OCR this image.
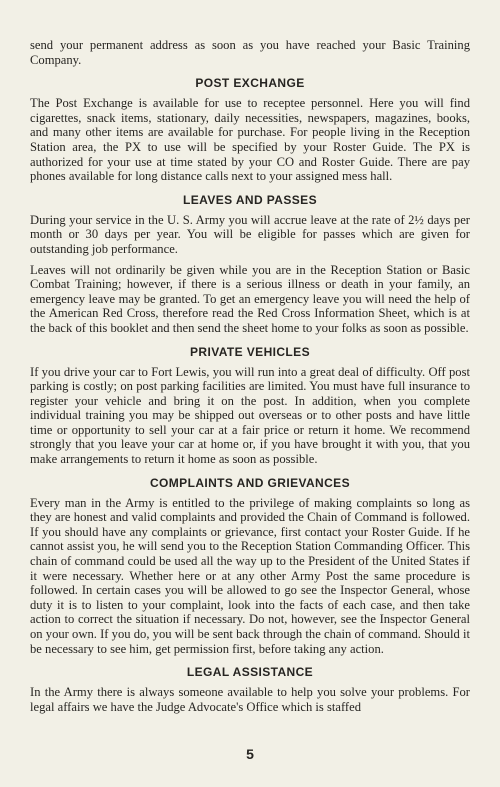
send your permanent address as soon as you have reached your Basic Training Company.

POST EXCHANGE

The Post Exchange is available for use to receptee personnel. Here you will find cigarettes, snack items, stationary, daily necessities, newspapers, magazines, books, and many other items are available for purchase. For people living in the Reception Station area, the PX to use will be specified by your Roster Guide. The PX is authorized for your use at time stated by your CO and Roster Guide. There are pay phones available for long distance calls next to your assigned mess hall.

LEAVES AND PASSES

During your service in the U. S. Army you will accrue leave at the rate of 2½ days per month or 30 days per year. You will be eligible for passes which are given for outstanding job performance.

Leaves will not ordinarily be given while you are in the Reception Station or Basic Combat Training; however, if there is a serious illness or death in your family, an emergency leave may be granted. To get an emergency leave you will need the help of the American Red Cross, therefore read the Red Cross Information Sheet, which is at the back of this booklet and then send the sheet home to your folks as soon as possible.

PRIVATE VEHICLES

If you drive your car to Fort Lewis, you will run into a great deal of difficulty. Off post parking is costly; on post parking facilities are limited. You must have full insurance to register your vehicle and bring it on the post. In addition, when you complete individual training you may be shipped out overseas or to other posts and have little time or opportunity to sell your car at a fair price or return it home. We recommend strongly that you leave your car at home or, if you have brought it with you, that you make arrangements to return it home as soon as possible.

COMPLAINTS AND GRIEVANCES

Every man in the Army is entitled to the privilege of making complaints so long as they are honest and valid complaints and provided the Chain of Command is followed. If you should have any complaints or grievance, first contact your Roster Guide. If he cannot assist you, he will send you to the Reception Station Commanding Officer. This chain of command could be used all the way up to the President of the United States if it were necessary. Whether here or at any other Army Post the same procedure is followed. In certain cases you will be allowed to go see the Inspector General, whose duty it is to listen to your complaint, look into the facts of each case, and then take action to correct the situation if necessary. Do not, however, see the Inspector General on your own. If you do, you will be sent back through the chain of command. Should it be necessary to see him, get permission first, before taking any action.

LEGAL ASSISTANCE

In the Army there is always someone available to help you solve your problems. For legal affairs we have the Judge Advocate's Office which is staffed

5
